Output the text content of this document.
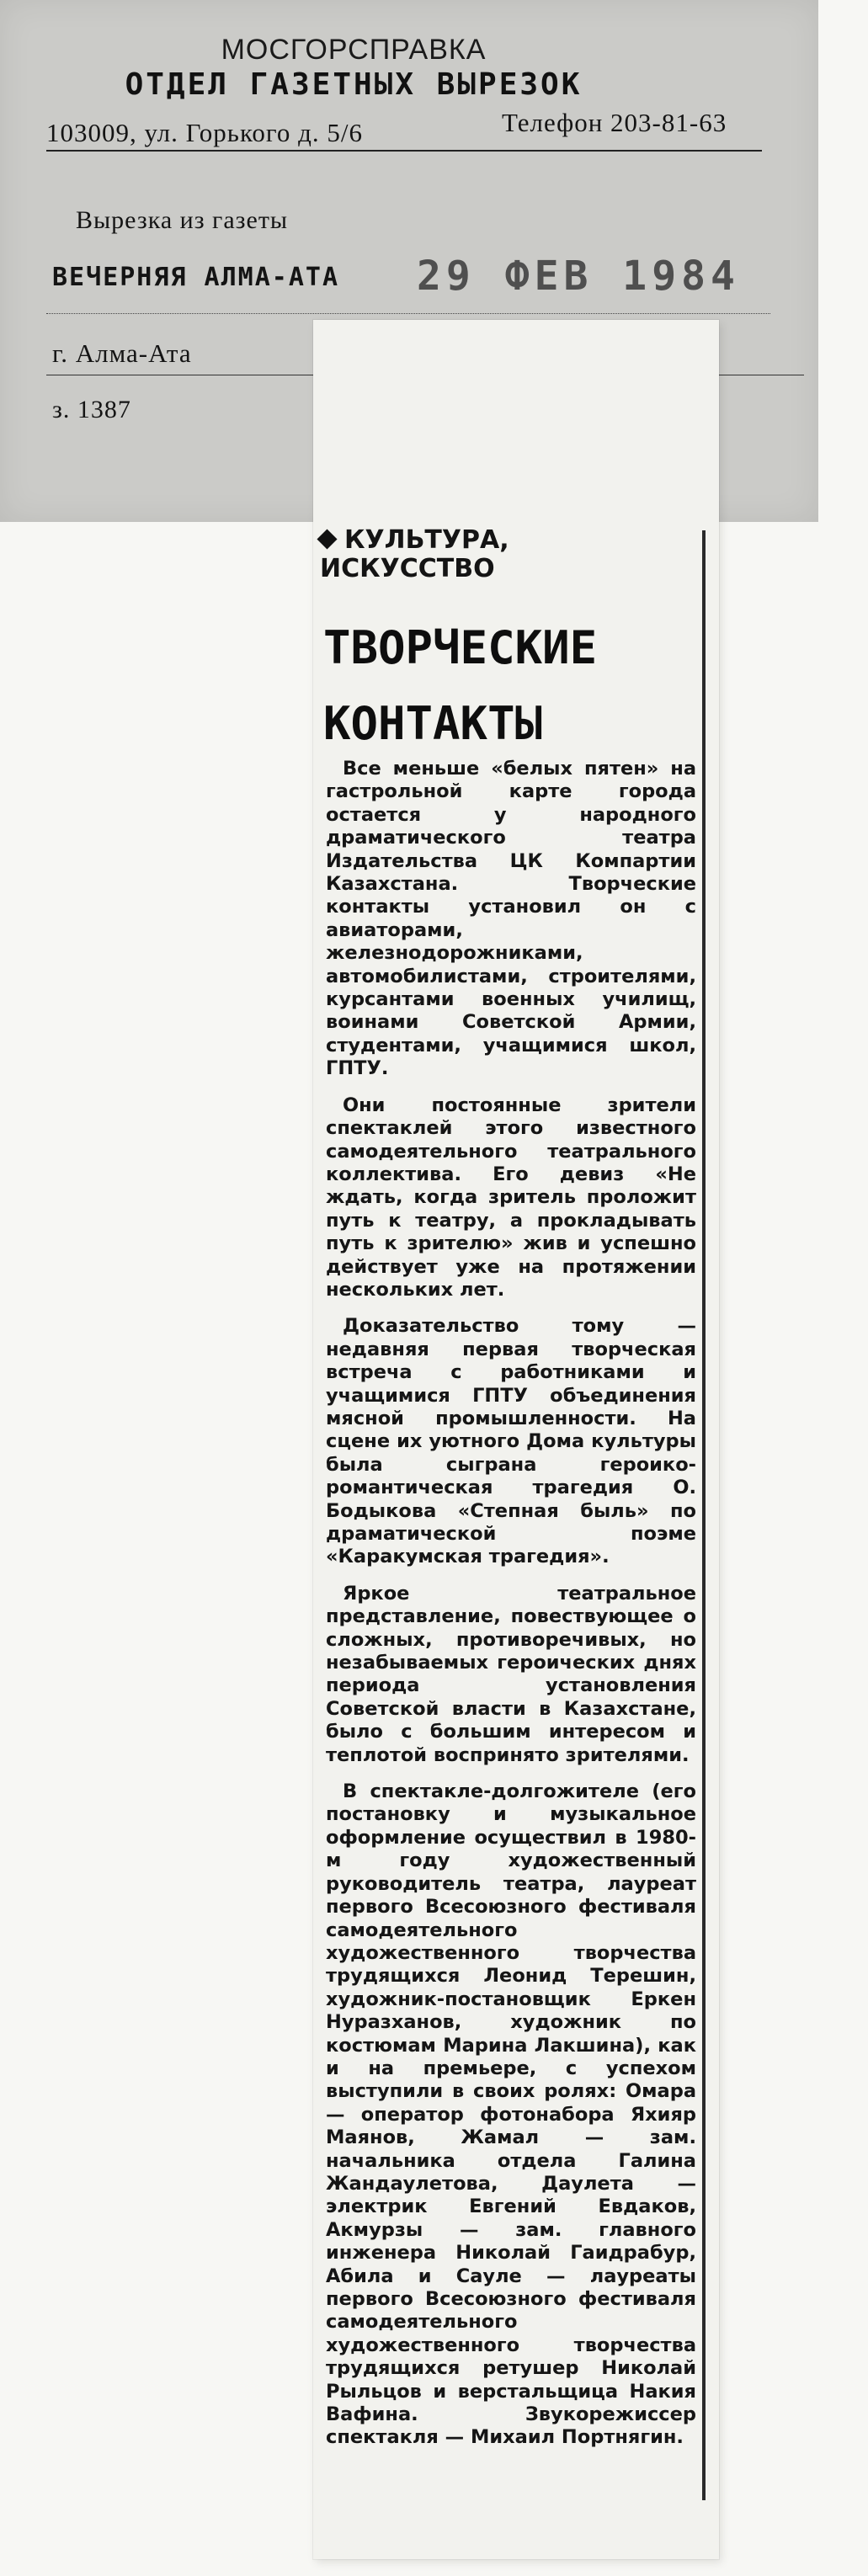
МОСГОРСПРАВКА
ОТДЕЛ ГАЗЕТНЫХ ВЫРЕЗОК
103009, ул. Горького д. 5/6	Телефон 203-81-63
Вырезка из газеты
ВЕЧЕРНЯЯ АЛМА-АТА 29 ФЕВ 1984
г. Алма-Ата
з. 1387
КУЛЬТУРА,
ИСКУССТВО
ТВОРЧЕСКИЕ
КОНТАКТЫ

Все меньше «белых пятен» на гастрольной карте города остается у народного драматического театра Издательства ЦК Компартии Казахстана. Творческие контакты установил он с авиаторами, железнодорожниками, автомобилистами, строителями, курсантами военных училищ, воинами Советской Армии, студентами, учащимися школ, ГПТУ.

Они постоянные зрители спектаклей этого известного самодеятельного театрального коллектива. Его девиз «Не ждать, когда зритель проложит путь к театру, а прокладывать путь к зрителю» жив и успешно действует уже на протяжении нескольких лет.

Доказательство тому — недавняя первая творческая встреча с работниками и учащимися ГПТУ объединения мясной промышленности. На сцене их уютного Дома культуры была сыграна героико-романтическая трагедия О. Бодыкова «Степная быль» по драматической поэме «Каракумская трагедия».

Яркое театральное представление, повествующее о сложных, противоречивых, но незабываемых героических днях периода установления Советской власти в Казахстане, было с большим интересом и теплотой воспринято зрителями.

В спектакле-долгожителе (его постановку и музыкальное оформление осуществил в 1980-м году художественный руководитель театра, лауреат первого Всесоюзного фестиваля самодеятельного художественного творчества трудящихся Леонид Терешин, художник-постановщик Еркен Нуразханов, художник по костюмам Марина Лакшина), как и на премьере, с успехом выступили в своих ролях: Омара — оператор фотонабора Яхияр Маянов, Жамал — зам. начальника отдела Галина Жандаулетова, Даулета — электрик Евгений Евдаков, Акмурзы — зам. главного инженера Николай Гаидрабур, Абила и Сауле — лауреаты первого Всесоюзного фестиваля самодеятельного художественного творчества трудящихся ретушер Николай Рыльцов и верстальщица Накия Вафина. Звукорежиссер спектакля — Михаил Портнягин.
